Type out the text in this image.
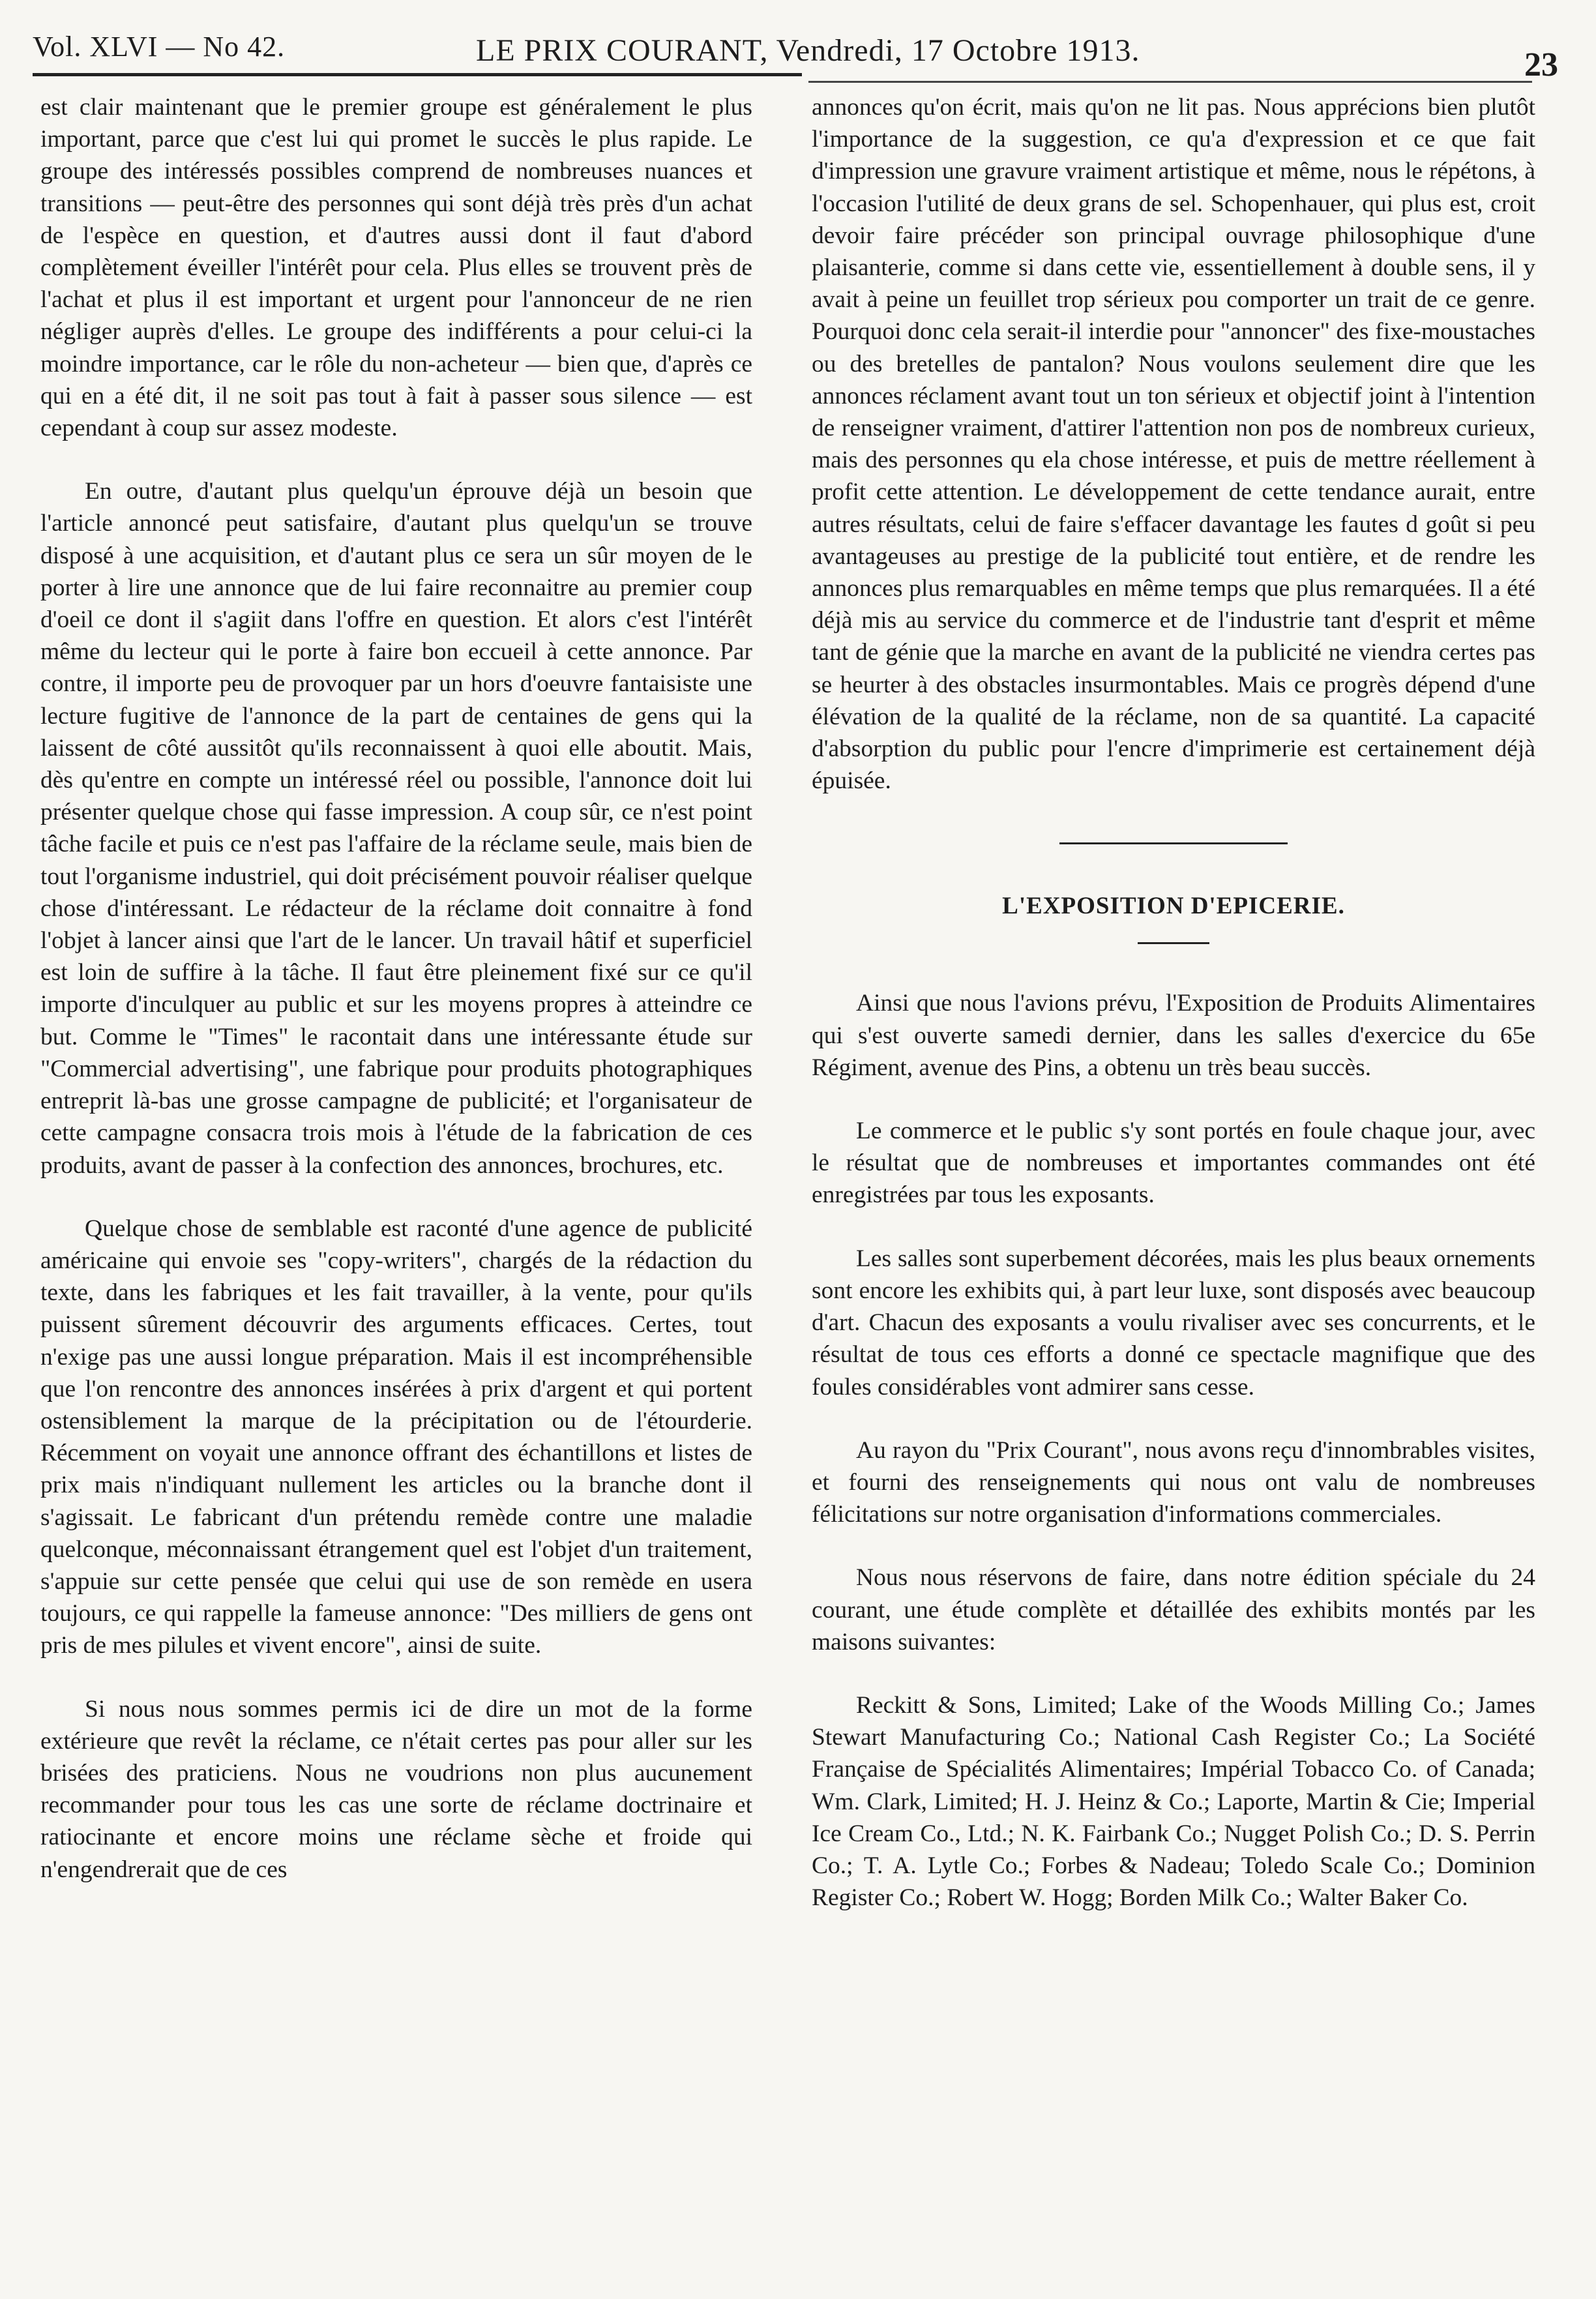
Vol. XLVI — No 42.	LE PRIX COURANT, Vendredi, 17 Octobre 1913.	23

est clair maintenant que le premier groupe est généralement le plus important, parce que c'est lui qui promet le succès le plus rapide. Le groupe des intéressés possibles comprend de nombreuses nuances et transitions — peut-être des personnes qui sont déjà très près d'un achat de l'espèce en question, et d'autres aussi dont il faut d'abord complètement éveiller l'intérêt pour cela. Plus elles se trouvent près de l'achat et plus il est important et urgent pour l'annonceur de ne rien négliger auprès d'elles. Le groupe des indifférents a pour celui-ci la moindre importance, car le rôle du non-acheteur — bien que, d'après ce qui en a été dit, il ne soit pas tout à fait à passer sous silence — est cependant à coup sur assez modeste.

En outre, d'autant plus quelqu'un éprouve déjà un besoin que l'article annoncé peut satisfaire, d'autant plus quelqu'un se trouve disposé à une acquisition, et d'autant plus ce sera un sûr moyen de le porter à lire une annonce que de lui faire reconnaitre au premier coup d'oeil ce dont il s'agiit dans l'offre en question. Et alors c'est l'intérêt même du lecteur qui le porte à faire bon eccueil à cette annonce. Par contre, il importe peu de provoquer par un hors d'oeuvre fantaisiste une lecture fugitive de l'annonce de la part de centaines de gens qui la laissent de côté aussitôt qu'ils reconnaissent à quoi elle aboutit. Mais, dès qu'entre en compte un intéressé réel ou possible, l'annonce doit lui présenter quelque chose qui fasse impression. A coup sûr, ce n'est point tâche facile et puis ce n'est pas l'affaire de la réclame seule, mais bien de tout l'organisme industriel, qui doit précisément pouvoir réaliser quelque chose d'intéressant. Le rédacteur de la réclame doit connaitre à fond l'objet à lancer ainsi que l'art de le lancer. Un travail hâtif et superficiel est loin de suffire à la tâche. Il faut être pleinement fixé sur ce qu'il importe d'inculquer au public et sur les moyens propres à atteindre ce but. Comme le "Times" le racontait dans une intéressante étude sur "Commercial advertising", une fabrique pour produits photographiques entreprit là-bas une grosse campagne de publicité; et l'organisateur de cette campagne consacra trois mois à l'étude de la fabrication de ces produits, avant de passer à la confection des annonces, brochures, etc.

Quelque chose de semblable est raconté d'une agence de publicité américaine qui envoie ses "copy-writers", chargés de la rédaction du texte, dans les fabriques et les fait travailler, à la vente, pour qu'ils puissent sûrement découvrir des arguments efficaces. Certes, tout n'exige pas une aussi longue préparation. Mais il est incompréhensible que l'on rencontre des annonces insérées à prix d'argent et qui portent ostensiblement la marque de la précipitation ou de l'étourderie. Récemment on voyait une annonce offrant des échantillons et listes de prix mais n'indiquant nullement les articles ou la branche dont il s'agissait. Le fabricant d'un prétendu remède contre une maladie quelconque, méconnaissant étrangement quel est l'objet d'un traitement, s'appuie sur cette pensée que celui qui use de son remède en usera toujours, ce qui rappelle la fameuse annonce: "Des milliers de gens ont pris de mes pilules et vivent encore", ainsi de suite.

Si nous nous sommes permis ici de dire un mot de la forme extérieure que revêt la réclame, ce n'était certes pas pour aller sur les brisées des praticiens. Nous ne voudrions non plus aucunement recommander pour tous les cas une sorte de réclame doctrinaire et ratiocinante et encore moins une réclame sèche et froide qui n'engendrerait que de ces

annonces qu'on écrit, mais qu'on ne lit pas. Nous apprécions bien plutôt l'importance de la suggestion, ce qu'a d'expression et ce que fait d'impression une gravure vraiment artistique et même, nous le répétons, à l'occasion l'utilité de deux grans de sel. Schopenhauer, qui plus est, croit devoir faire précéder son principal ouvrage philosophique d'une plaisanterie, comme si dans cette vie, essentiellement à double sens, il y avait à peine un feuillet trop sérieux pou comporter un trait de ce genre. Pourquoi donc cela serait-il interdie pour "annoncer" des fixe-moustaches ou des bretelles de pantalon? Nous voulons seulement dire que les annonces réclament avant tout un ton sérieux et objectif joint à l'intention de renseigner vraiment, d'attirer l'attention non pos de nombreux curieux, mais des personnes qu ela chose intéresse, et puis de mettre réellement à profit cette attention. Le développement de cette tendance aurait, entre autres résultats, celui de faire s'effacer davantage les fautes d goût si peu avantageuses au prestige de la publicité tout entière, et de rendre les annonces plus remarquables en même temps que plus remarquées. Il a été déjà mis au service du commerce et de l'industrie tant d'esprit et même tant de génie que la marche en avant de la publicité ne viendra certes pas se heurter à des obstacles insurmontables. Mais ce progrès dépend d'une élévation de la qualité de la réclame, non de sa quantité. La capacité d'absorption du public pour l'encre d'imprimerie est certainement déjà épuisée.

L'EXPOSITION D'EPICERIE.

Ainsi que nous l'avions prévu, l'Exposition de Produits Alimentaires qui s'est ouverte samedi dernier, dans les salles d'exercice du 65e Régiment, avenue des Pins, a obtenu un très beau succès.

Le commerce et le public s'y sont portés en foule chaque jour, avec le résultat que de nombreuses et importantes commandes ont été enregistrées par tous les exposants.

Les salles sont superbement décorées, mais les plus beaux ornements sont encore les exhibits qui, à part leur luxe, sont disposés avec beaucoup d'art. Chacun des exposants a voulu rivaliser avec ses concurrents, et le résultat de tous ces efforts a donné ce spectacle magnifique que des foules considérables vont admirer sans cesse.

Au rayon du "Prix Courant", nous avons reçu d'innombrables visites, et fourni des renseignements qui nous ont valu de nombreuses félicitations sur notre organisation d'informations commerciales.

Nous nous réservons de faire, dans notre édition spéciale du 24 courant, une étude complète et détaillée des exhibits montés par les maisons suivantes:

Reckitt & Sons, Limited; Lake of the Woods Milling Co.; James Stewart Manufacturing Co.; National Cash Register Co.; La Société Française de Spécialités Alimentaires; Impérial Tobacco Co. of Canada; Wm. Clark, Limited; H. J. Heinz & Co.; Laporte, Martin & Cie; Imperial Ice Cream Co., Ltd.; N. K. Fairbank Co.; Nugget Polish Co.; D. S. Perrin Co.; T. A. Lytle Co.; Forbes & Nadeau; Toledo Scale Co.; Dominion Register Co.; Robert W. Hogg; Borden Milk Co.; Walter Baker Co.
